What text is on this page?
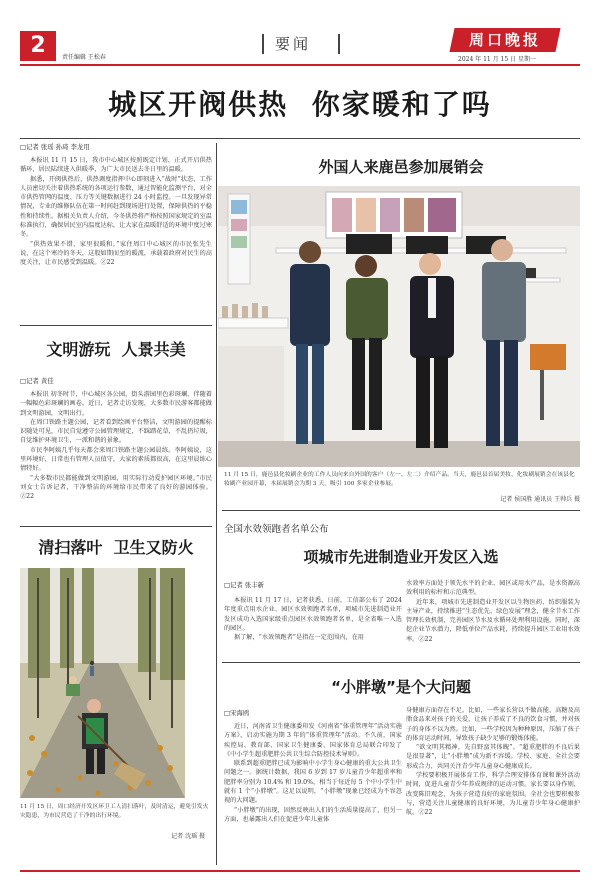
2	责任编辑 王松春
要闻	周口晚报
2024 年 11 月 15 日 星期一
城区开阀供热  你家暖和了吗
□记者 张瑶 孙琦 李龙用

本报讯 11 月 15 日，我市中心城区按照既定计划，正式开启供热循环，居民陆续进入供暖季，为广大市民送去冬日里的温暖。

据悉，开阀供热后，供热调度指挥中心即刻进入“战时”状态，工作人员密切关注着供热系统的各项运行参数，通过智能化监测平台，对全市供热管网的温度、压力等关键数据进行 24 小时监控。一旦发现异常情况，专业的维修队伍在第一时间赶到现场进行处置，保障供热的平稳性和持续性。据相关负责人介绍，今冬供热将严格按照国家规定的室温标准执行，确保居民室内温度达标，让大家在温暖舒适的环境中度过寒冬。

“供热效果不错，家里很暖和。”家住周口中心城区的市民张先生说，在这个寒冷的冬天，这股如期而至的暖流，承载着政府对民生的高度关注，让市民感受到温暖。Ⓩ22

文明游玩  人景共美
□记者 黄佳

本报讯 初冬时节，中心城区各公园，街头游园里色彩斑斓，伴随着一幅幅色彩斑斓的画卷。近日，记者走访发现，大多数市民游客都能做到文明游园，文明出行。

在周口铁路主题公园，记者看到绘画平台整洁，文明游园的提醒标识随处可见，市民自觉遵守公园管理规定，不踩踏花草，不乱扔垃圾，自觉维护环境卫生，一派和谐的景象。

市民李阿姨几乎每天都会来周口铁路主题公园晨练。李阿姨说，这里环境好，日常也有管理人员值守，大家的素质都很高，在这里晨练心情特好。

“大多数市民都能做到文明游园，用实际行动爱护园区环境。”市民刘女士告诉记者，干净整洁的环境给市民带来了良好的游园体验。Ⓩ22

清扫落叶  卫生又防火
11 月 15 日，周口经济开发区环卫工人清扫落叶，及时清运，避免引发火灾隐患，为市民营造了干净的出行环境。
记者 沈瑶 摄
外国人来鹿邑参加展销会
11 月 15 日，鹿邑县化妆刷企业的工作人员向来自外国的客户（左一、左二）介绍产品。当天，鹿邑县首届美妆、化妆刷展销会在该县化妆刷产业园开幕，本届展销会为期 3 天，吸引 100 多家企业参展。
记者 侯国胜 通讯员 王帅兵 摄
全国水效领跑者名单公布
项城市先进制造业开发区入选
□记者 张丰新

本报讯 11 月 17 日，记者获悉，日前，工信部公布了 2024 年度重点用水企业、园区水效领跑者名单，项城市先进制造业开发区成功入选国家级重点园区水效领跑者名单，是全省唯一入选的园区。

据了解，“水效领跑者”是指在一定范围内，在用

水效率方面处于领先水平的企业、园区或用水产品，是水资源高效利用的标杆和示范典型。

近年来，项城市先进制造业开发区以生物医药、纺织服装为主导产业，持续推进“生态优先、绿色发展”理念，健全节水工作管理长效机制，完善园区节水及水循环处理利用设施，同时，深挖企业节水潜力，降低单位产品水耗，持续提升园区工业用水效率。Ⓩ22

“小胖墩”是个大问题
□宋海鸥

近日，河南省卫生健康委印发《河南省“体重管理年”活动实施方案》，启动实施为期 3 年的“体重管理年”活动。不久前，国家疾控局、教育部、国家卫生健康委、国家体育总局联合印发了《中小学生超重肥胖公共卫生综合防控技术导则》。

联系到超重肥胖已成为影响中小学生身心健康的重大公共卫生问题之一。据统计数据，我国 6 岁到 17 岁儿童青少年超重率和肥胖率分别为 10.4% 和 19.0%，相当于每近每 5 个中小学生中就有 1 个“小胖墩”。这足以说明，“小胖墩”现象已经成为不容忽视的大问题。

“小胖墩”的出现，固然反映出人们的生活质量提高了，但另一方面，也暴露出人们在促进少年儿童体

身健康方面存在不足。比如，一些家长营以不做高能、高糖及高脂食品来对孩子的关爱，让孩子养成了不良的饮食习惯，并对孩子的身体不以为然。比如，一些学校因为种种原因，压缩了孩子的体育运动时间，导致孩子缺少足够的锻炼体能。

“欲文明其精神，先自野蛮其体魄”。“超重肥胖的不良后果是很显著”，让“小胖墩”成为新不容缓。学校、家庭、全社会要形成合力，共同关注青少年儿童身心健康成长。

学校要积极开展体育工作，科学合理安排体育课和课外活动时间，促进儿童青少年养成规律的运动习惯。家长要以身作则，改变陈旧观念，为孩子营造良好的家庭氛围。全社会也要积极参与，营造关注儿童健康的良好环境，为儿童青少年身心健康护航。Ⓩ22
